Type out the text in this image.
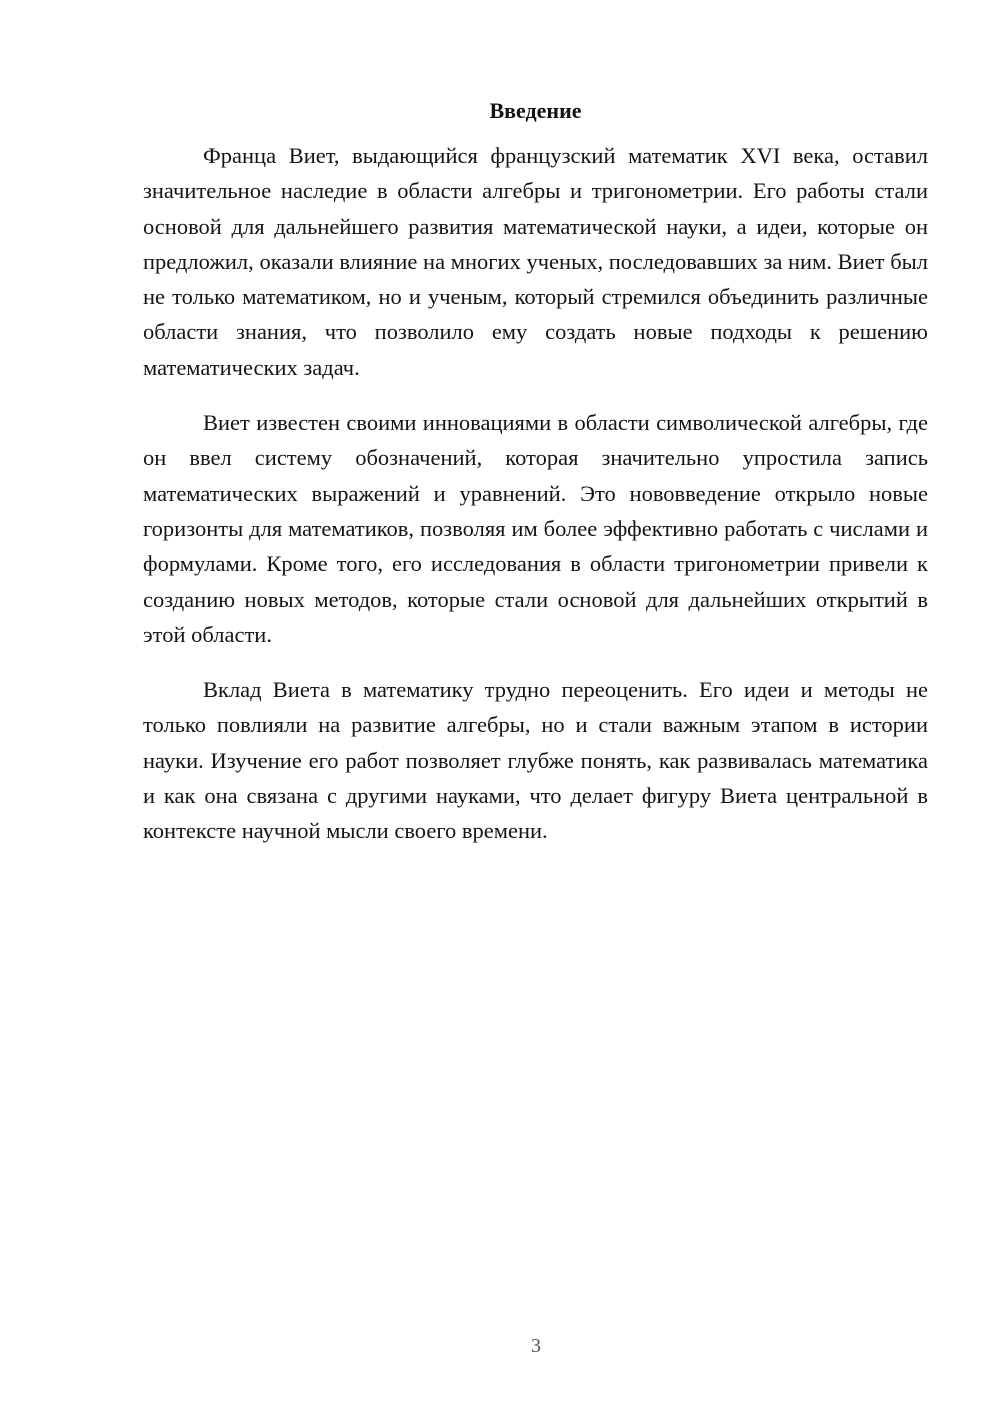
Введение

Франца Виет, выдающийся французский математик XVI века, оставил значительное наследие в области алгебры и тригонометрии. Его работы стали основой для дальнейшего развития математической науки, а идеи, которые он предложил, оказали влияние на многих ученых, последовавших за ним. Виет был не только математиком, но и ученым, который стремился объединить различные области знания, что позволило ему создать новые подходы к решению математических задач.

Виет известен своими инновациями в области символической алгебры, где он ввел систему обозначений, которая значительно упростила запись математических выражений и уравнений. Это нововведение открыло новые горизонты для математиков, позволяя им более эффективно работать с числами и формулами. Кроме того, его исследования в области тригонометрии привели к созданию новых методов, которые стали основой для дальнейших открытий в этой области.

Вклад Виета в математику трудно переоценить. Его идеи и методы не только повлияли на развитие алгебры, но и стали важным этапом в истории науки. Изучение его работ позволяет глубже понять, как развивалась математика и как она связана с другими науками, что делает фигуру Виета центральной в контексте научной мысли своего времени.

3
